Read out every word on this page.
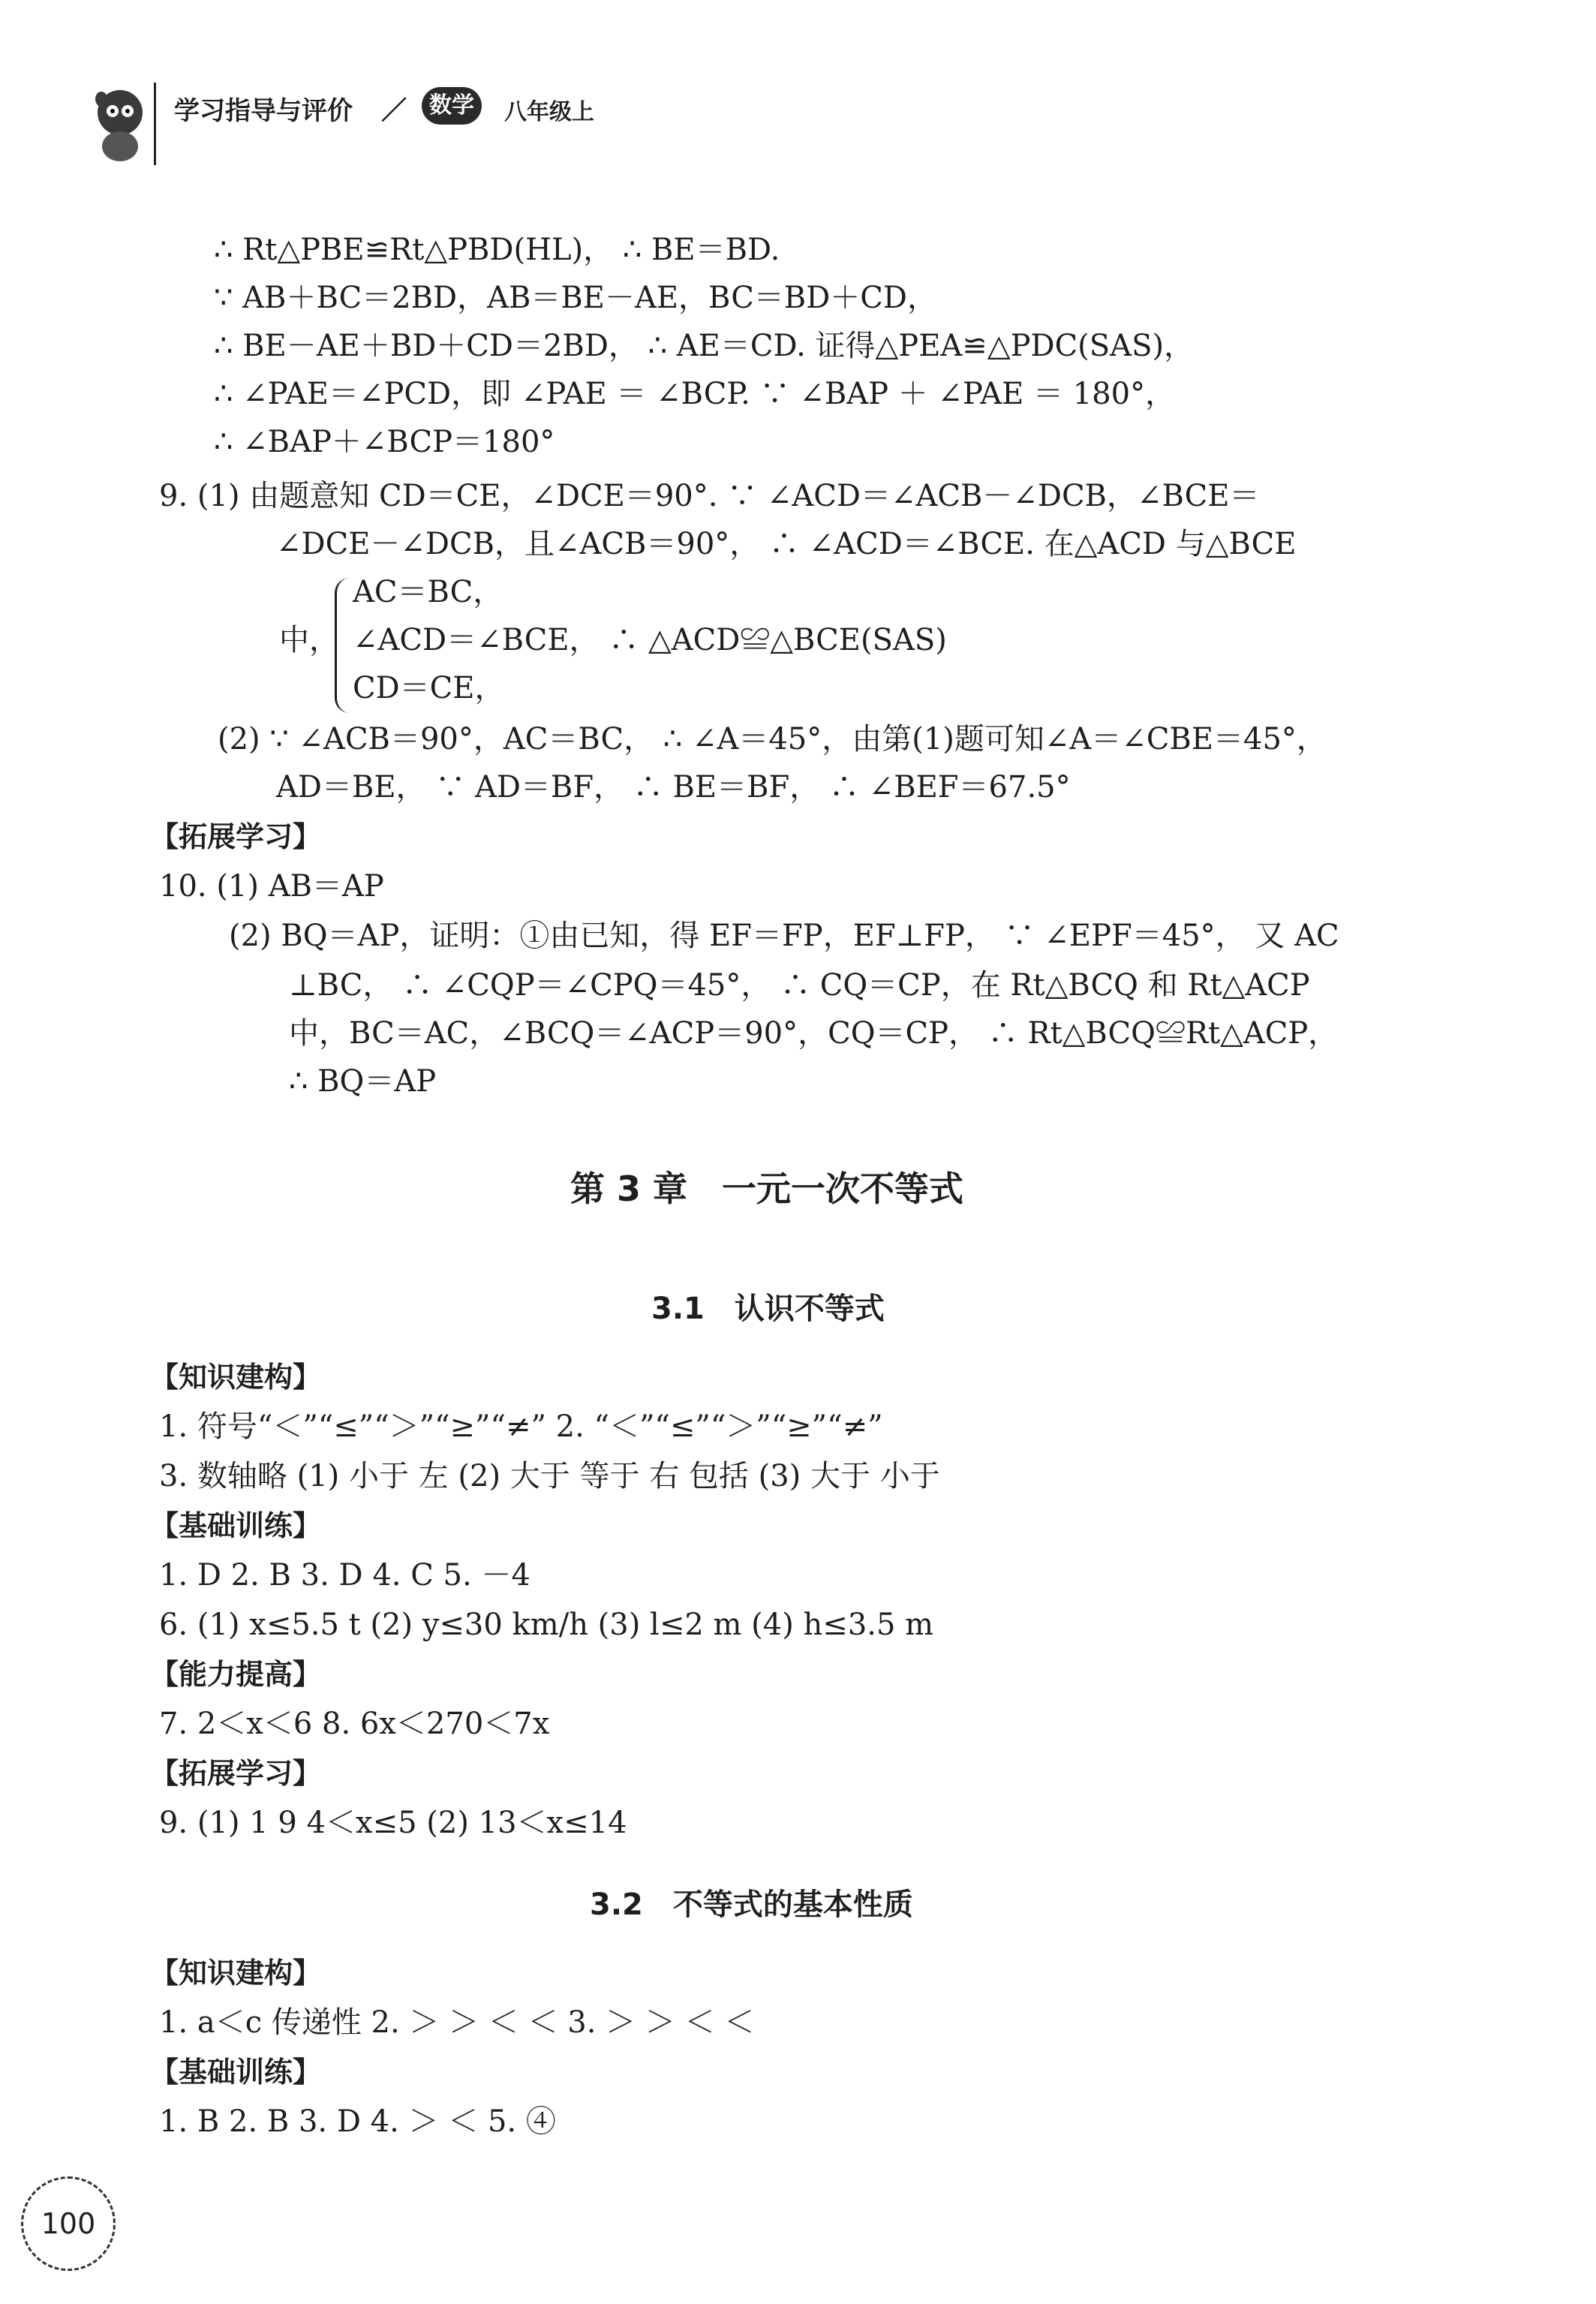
学习指导与评价 ／	数学	八年级上
∴ Rt△PBE≌Rt△PBD(HL)， ∴ BE＝BD.
∵ AB＋BC＝2BD，AB＝BE－AE，BC＝BD＋CD，
∴ BE－AE＋BD＋CD＝2BD， ∴ AE＝CD. 证得△PEA≌△PDC(SAS)，
∴ ∠PAE＝∠PCD，即 ∠PAE ＝ ∠BCP. ∵ ∠BAP ＋ ∠PAE ＝ 180°，
∴ ∠BAP＋∠BCP＝180°
9. (1) 由题意知 CD＝CE，∠DCE＝90°. ∵ ∠ACD＝∠ACB－∠DCB，∠BCE＝
∠DCE－∠DCB，且∠ACB＝90°， ∴ ∠ACD＝∠BCE. 在△ACD 与△BCE
中，
AC＝BC，
∠ACD＝∠BCE， ∴ △ACD≌△BCE(SAS)
CD＝CE，
(2) ∵ ∠ACB＝90°，AC＝BC， ∴ ∠A＝45°，由第(1)题可知∠A＝∠CBE＝45°，
AD＝BE， ∵ AD＝BF， ∴ BE＝BF， ∴ ∠BEF＝67.5°
【拓展学习】
10. (1) AB＝AP
(2) BQ＝AP，证明：①由已知，得 EF＝FP，EF⊥FP， ∵ ∠EPF＝45°， 又 AC
⊥BC， ∴ ∠CQP＝∠CPQ＝45°， ∴ CQ＝CP，在 Rt△BCQ 和 Rt△ACP
中，BC＝AC，∠BCQ＝∠ACP＝90°，CQ＝CP， ∴ Rt△BCQ≌Rt△ACP，
∴ BQ＝AP
第 3 章　一元一次不等式
3.1　认识不等式
【知识建构】
1. 符号“＜”“≤”“＞”“≥”“≠” 2. “＜”“≤”“＞”“≥”“≠”
3. 数轴略 (1) 小于 左 (2) 大于 等于 右 包括 (3) 大于 小于
【基础训练】
1. D 2. B 3. D 4. C 5. －4
6. (1) x≤5.5 t (2) y≤30 km/h (3) l≤2 m (4) h≤3.5 m
【能力提高】
7. 2＜x＜6 8. 6x＜270＜7x
【拓展学习】
9. (1) 1 9 4＜x≤5 (2) 13＜x≤14
3.2　不等式的基本性质
【知识建构】
1. a＜c 传递性 2. ＞ ＞ ＜ ＜ 3. ＞ ＞ ＜ ＜
【基础训练】
1. B 2. B 3. D 4. ＞ ＜ 5. ④
100
